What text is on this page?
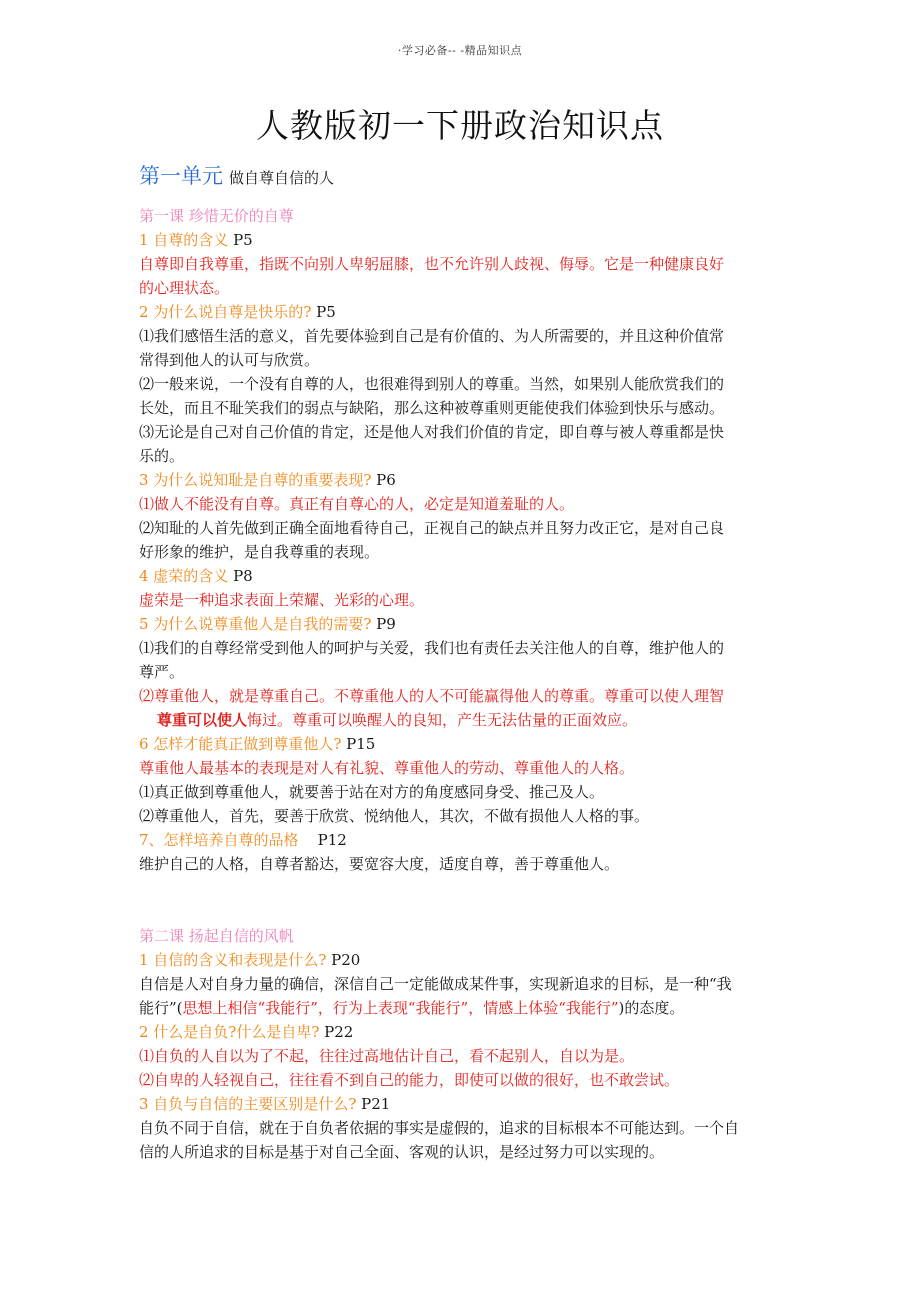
·学习必备-- -精品知识点
人教版初一下册政治知识点
第一单元 做自尊自信的人
第一课 珍惜无价的自尊
1 自尊的含义 P5
自尊即自我尊重，指既不向别人卑躬屈膝，也不允许别人歧视、侮辱。它是一种健康良好
的心理状态。
2 为什么说自尊是快乐的? P5
⑴我们感悟生活的意义，首先要体验到自己是有价值的、为人所需要的，并且这种价值常
常得到他人的认可与欣赏。
⑵一般来说，一个没有自尊的人，也很难得到别人的尊重。当然，如果别人能欣赏我们的
长处，而且不耻笑我们的弱点与缺陷，那么这种被尊重则更能使我们体验到快乐与感动。
⑶无论是自己对自己价值的肯定，还是他人对我们价值的肯定，即自尊与被人尊重都是快
乐的。
3 为什么说知耻是自尊的重要表现? P6
⑴做人不能没有自尊。真正有自尊心的人，必定是知道羞耻的人。
⑵知耻的人首先做到正确全面地看待自己，正视自己的缺点并且努力改正它，是对自己良
好形象的维护，是自我尊重的表现。
4 虚荣的含义 P8
虚荣是一种追求表面上荣耀、光彩的心理。
5 为什么说尊重他人是自我的需要? P9
⑴我们的自尊经常受到他人的呵护与关爱，我们也有责任去关注他人的自尊，维护他人的
尊严。
⑵尊重他人，就是尊重自己。不尊重他人的人不可能赢得他人的尊重。尊重可以使人理智
尊重可以使人悔过。尊重可以唤醒人的良知，产生无法估量的正面效应。
6 怎样才能真正做到尊重他人? P15
尊重他人最基本的表现是对人有礼貌、尊重他人的劳动、尊重他人的人格。
⑴真正做到尊重他人，就要善于站在对方的角度感同身受、推己及人。
⑵尊重他人，首先，要善于欣赏、悦纳他人，其次，不做有损他人人格的事。
7、怎样培养自尊的品格    P12
维护自己的人格，自尊者豁达，要宽容大度，适度自尊，善于尊重他人。
第二课 扬起自信的风帆
1 自信的含义和表现是什么? P20
自信是人对自身力量的确信，深信自己一定能做成某件事，实现新追求的目标，是一种“我
能行”(思想上相信“我能行”，行为上表现“我能行”，情感上体验“我能行”)的态度。
2 什么是自负?什么是自卑? P22
⑴自负的人自以为了不起，往往过高地估计自己，看不起别人，自以为是。
⑵自卑的人轻视自己，往往看不到自己的能力，即使可以做的很好，也不敢尝试。
3 自负与自信的主要区别是什么? P21
自负不同于自信，就在于自负者依据的事实是虚假的，追求的目标根本不可能达到。一个自
信的人所追求的目标是基于对自己全面、客观的认识，是经过努力可以实现的。
